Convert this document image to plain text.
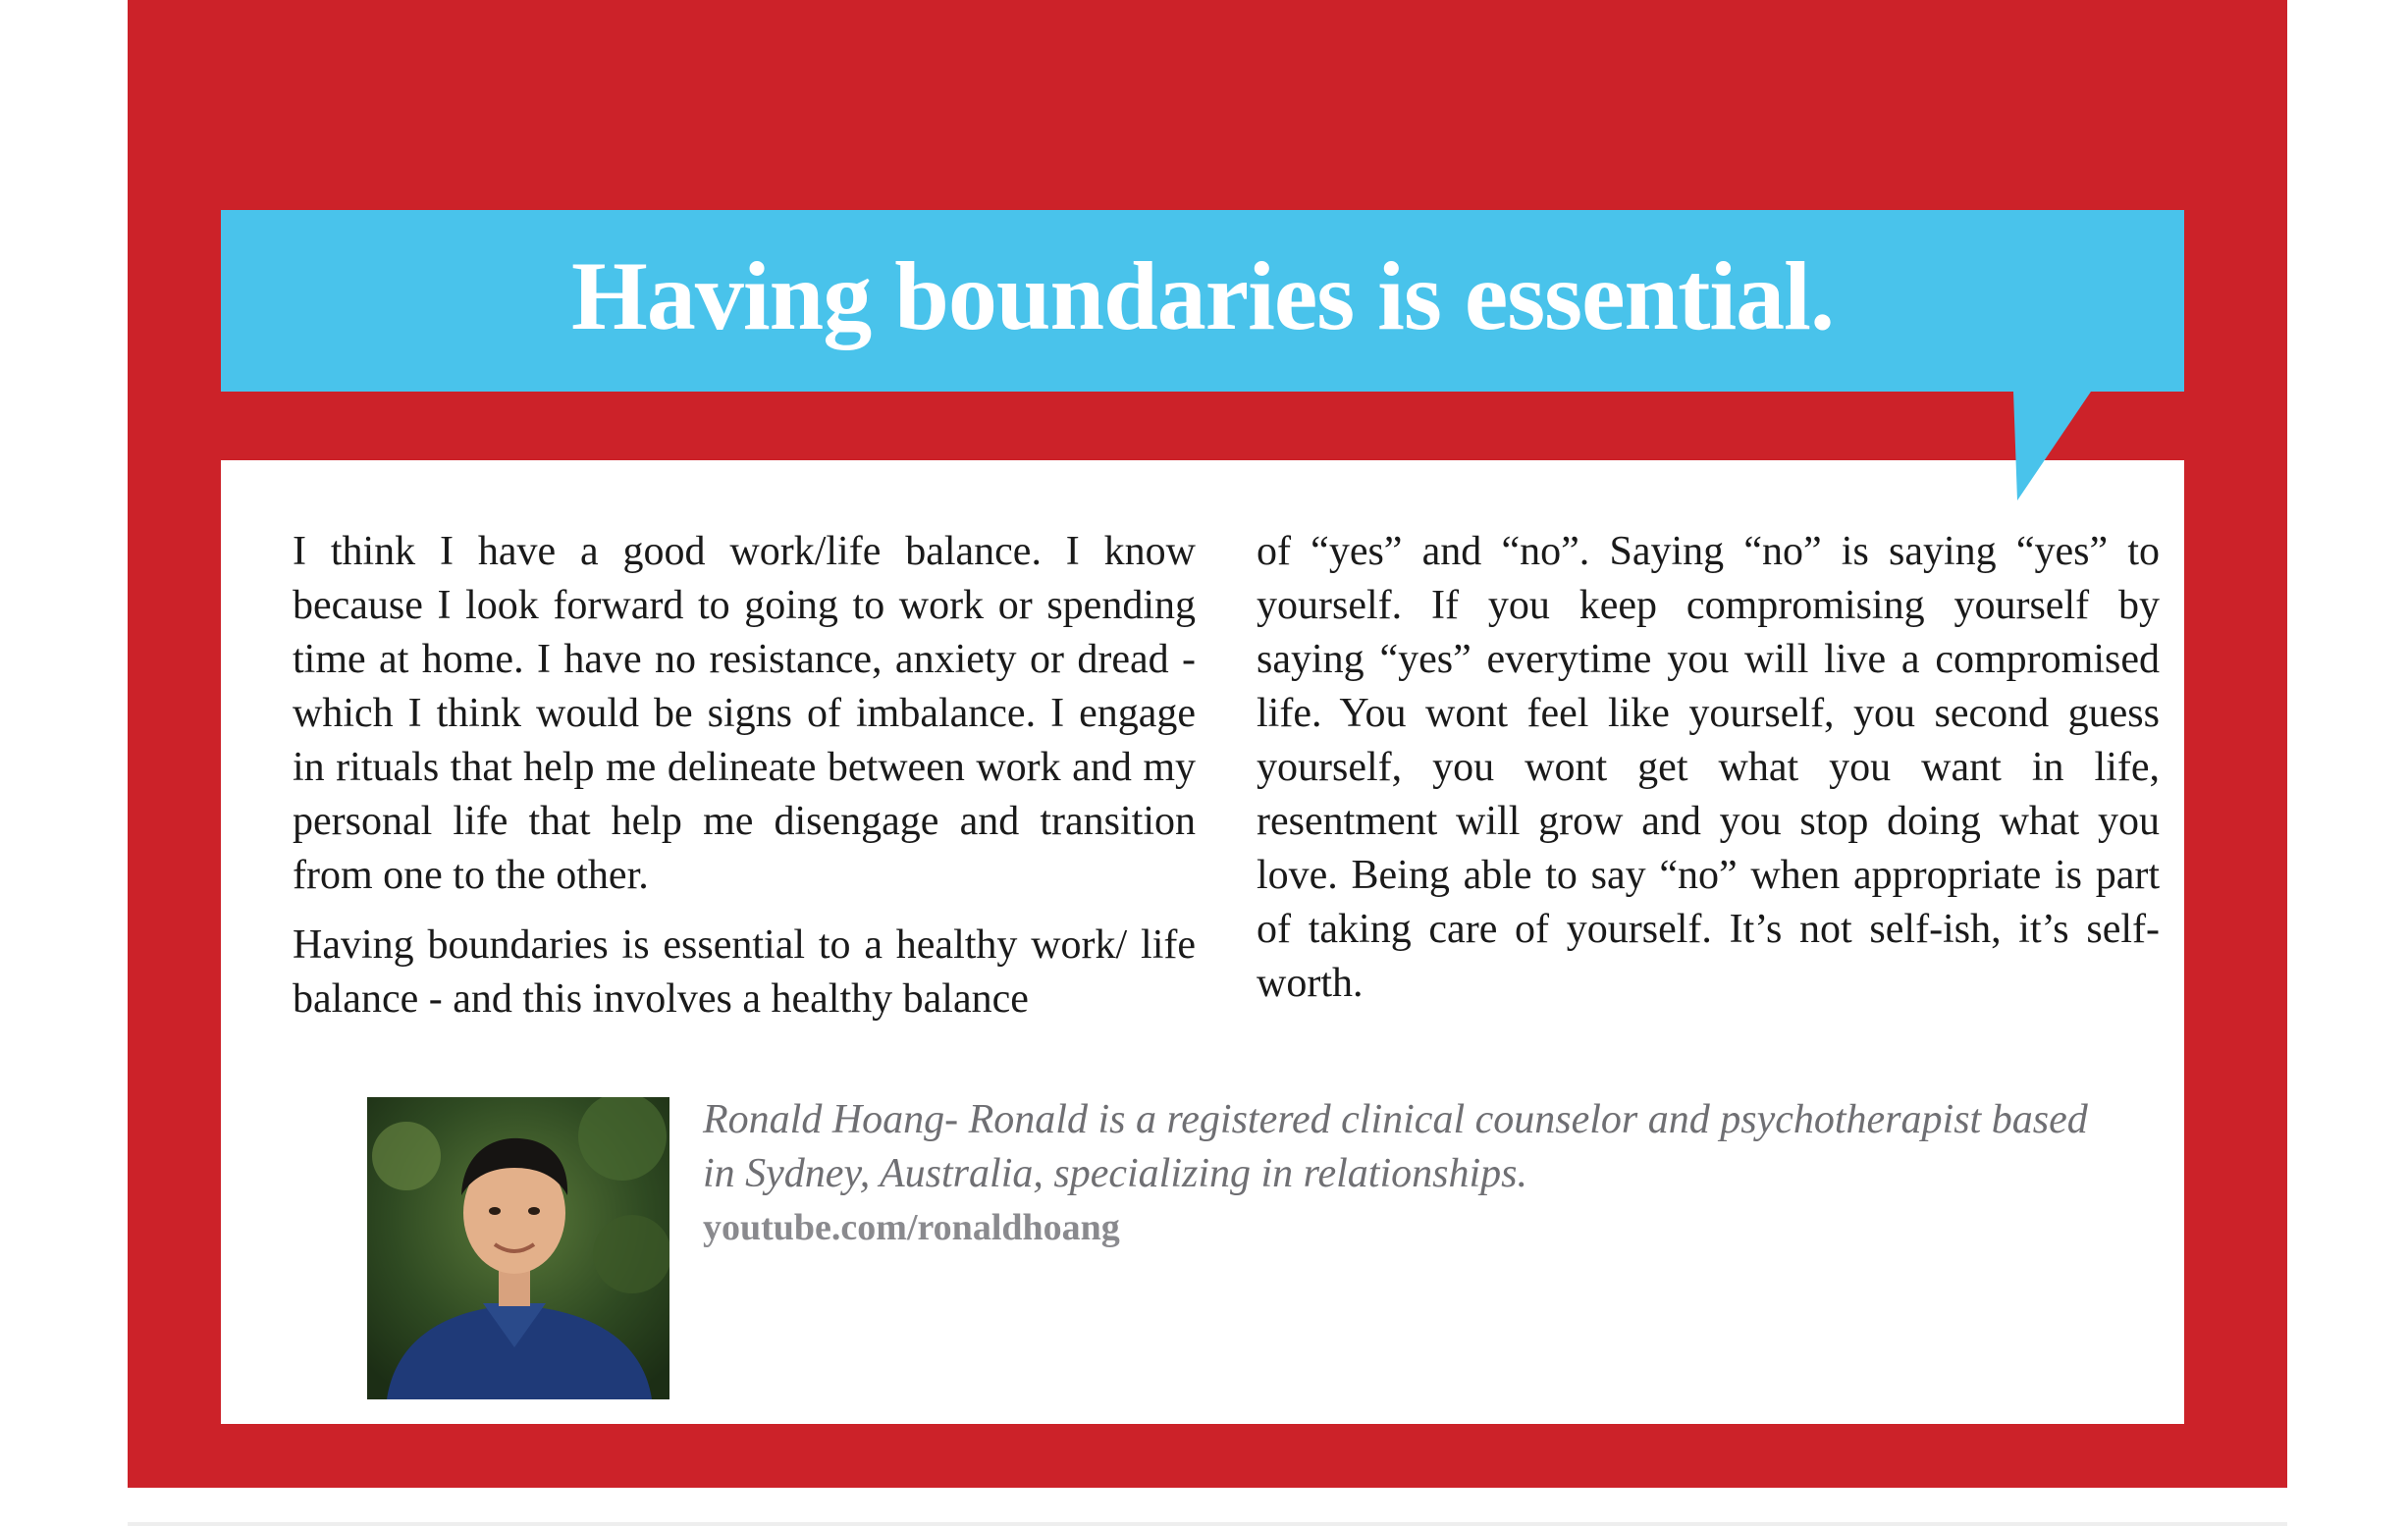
Having boundaries is essential.

I think I have a good work/life balance. I know because I look forward to going to work or spending time at home. I have no resistance, anxiety or dread - which I think would be signs of imbalance. I engage in rituals that help me delineate between work and my personal life that help me disengage and transition from one to the other.

Having boundaries is essential to a healthy work/ life balance - and this involves a healthy balance

of “yes” and “no”. Saying “no” is saying “yes” to yourself. If you keep compromising yourself by saying “yes” everytime you will live a compromised life. You wont feel like yourself, you second guess yourself, you wont get what you want in life, resentment will grow and you stop doing what you love. Being able to say “no” when appropriate is part of taking care of yourself. It’s not self-ish, it’s self-worth.

Ronald Hoang- Ronald is a registered clinical counselor and psychotherapist based in Sydney, Australia, specializing in relationships.
youtube.com/ronaldhoang
